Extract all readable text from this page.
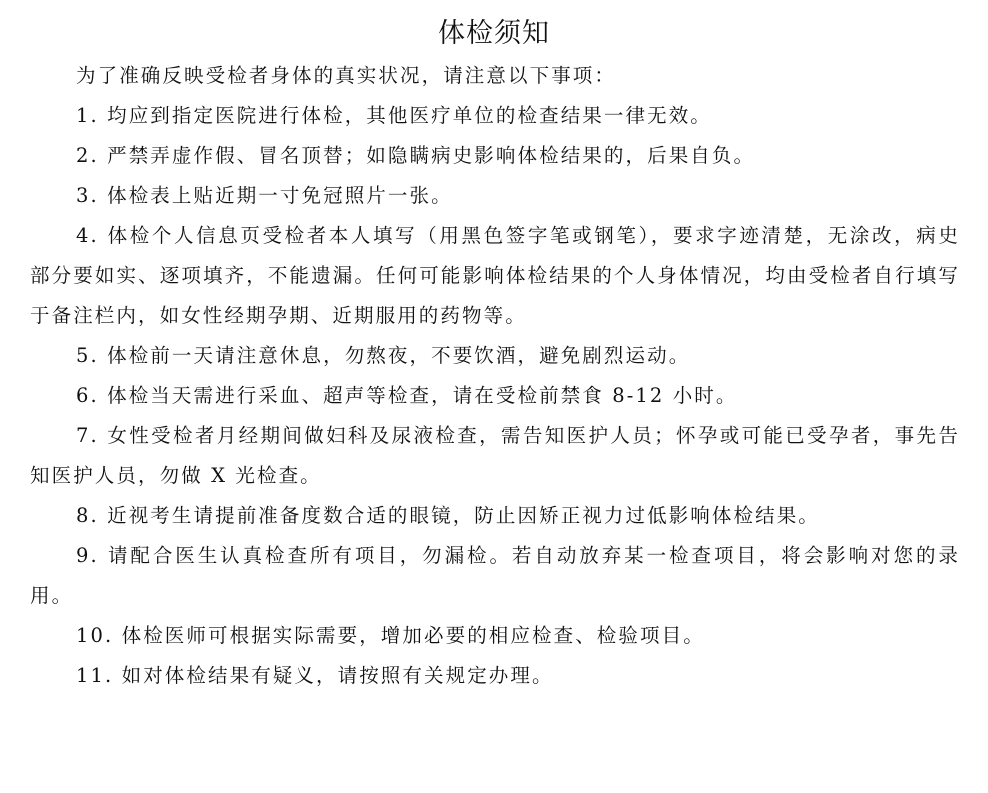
体检须知

为了准确反映受检者身体的真实状况，请注意以下事项：

1. 均应到指定医院进行体检，其他医疗单位的检查结果一律无效。

2. 严禁弄虚作假、冒名顶替；如隐瞒病史影响体检结果的，后果自负。

3. 体检表上贴近期一寸免冠照片一张。

4. 体检个人信息页受检者本人填写（用黑色签字笔或钢笔），要求字迹清楚，无涂改，病史部分要如实、逐项填齐，不能遗漏。任何可能影响体检结果的个人身体情况，均由受检者自行填写于备注栏内，如女性经期孕期、近期服用的药物等。

5. 体检前一天请注意休息，勿熬夜，不要饮酒，避免剧烈运动。

6. 体检当天需进行采血、超声等检查，请在受检前禁食 8-12 小时。

7. 女性受检者月经期间做妇科及尿液检查，需告知医护人员；怀孕或可能已受孕者，事先告知医护人员，勿做 X 光检查。

8. 近视考生请提前准备度数合适的眼镜，防止因矫正视力过低影响体检结果。

9. 请配合医生认真检查所有项目，勿漏检。若自动放弃某一检查项目，将会影响对您的录用。

10. 体检医师可根据实际需要，增加必要的相应检查、检验项目。

11. 如对体检结果有疑义，请按照有关规定办理。
